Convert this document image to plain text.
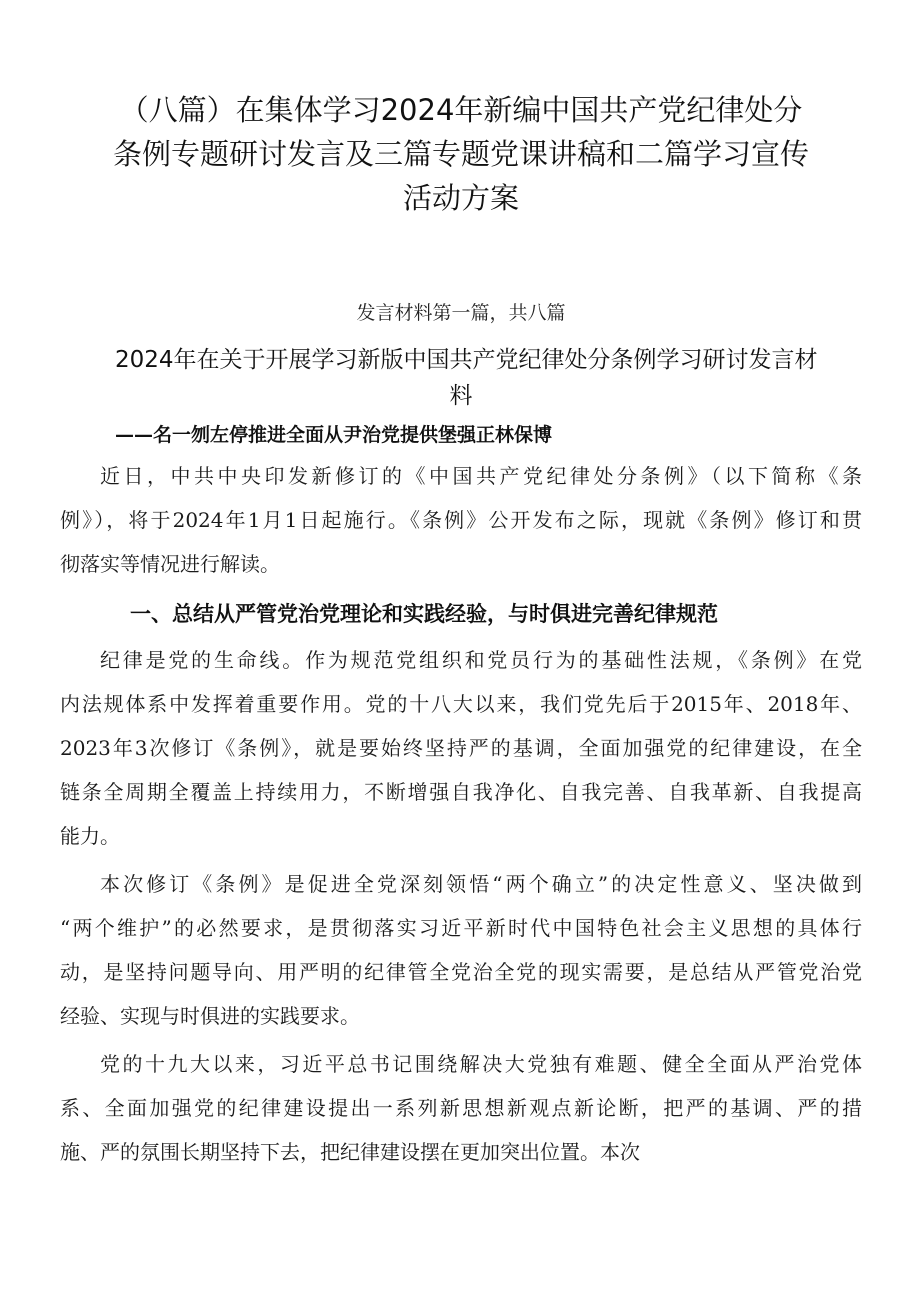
（八篇）在集体学习2024年新编中国共产党纪律处分
条例专题研讨发言及三篇专题党课讲稿和二篇学习宣传
活动方案
发言材料第一篇，共八篇
2024年在关于开展学习新版中国共产党纪律处分条例学习研讨发言材
料
——名一刎左停推进全面从尹治党提供堡强正林保博
近日，中共中央印发新修订的《中国共产党纪律处分条例》（以下简称《条
例》），将于2024年1月1日起施行。《条例》公开发布之际，现就《条例》修订和贯
彻落实等情况进行解读。
一、总结从严管党治党理论和实践经验，与时俱进完善纪律规范
纪律是党的生命线。作为规范党组织和党员行为的基础性法规，《条例》在党
内法规体系中发挥着重要作用。党的十八大以来，我们党先后于2015年、2018年、
2023年3次修订《条例》，就是要始终坚持严的基调，全面加强党的纪律建设，在全
链条全周期全覆盖上持续用力，不断增强自我净化、自我完善、自我革新、自我提高
能力。
本次修订《条例》是促进全党深刻领悟“两个确立”的决定性意义、坚决做到
“两个维护”的必然要求，是贯彻落实习近平新时代中国特色社会主义思想的具体行
动，是坚持问题导向、用严明的纪律管全党治全党的现实需要，是总结从严管党治党
经验、实现与时俱进的实践要求。
党的十九大以来，习近平总书记围绕解决大党独有难题、健全全面从严治党体
系、全面加强党的纪律建设提出一系列新思想新观点新论断，把严的基调、严的措
施、严的氛围长期坚持下去，把纪律建设摆在更加突出位置。本次
